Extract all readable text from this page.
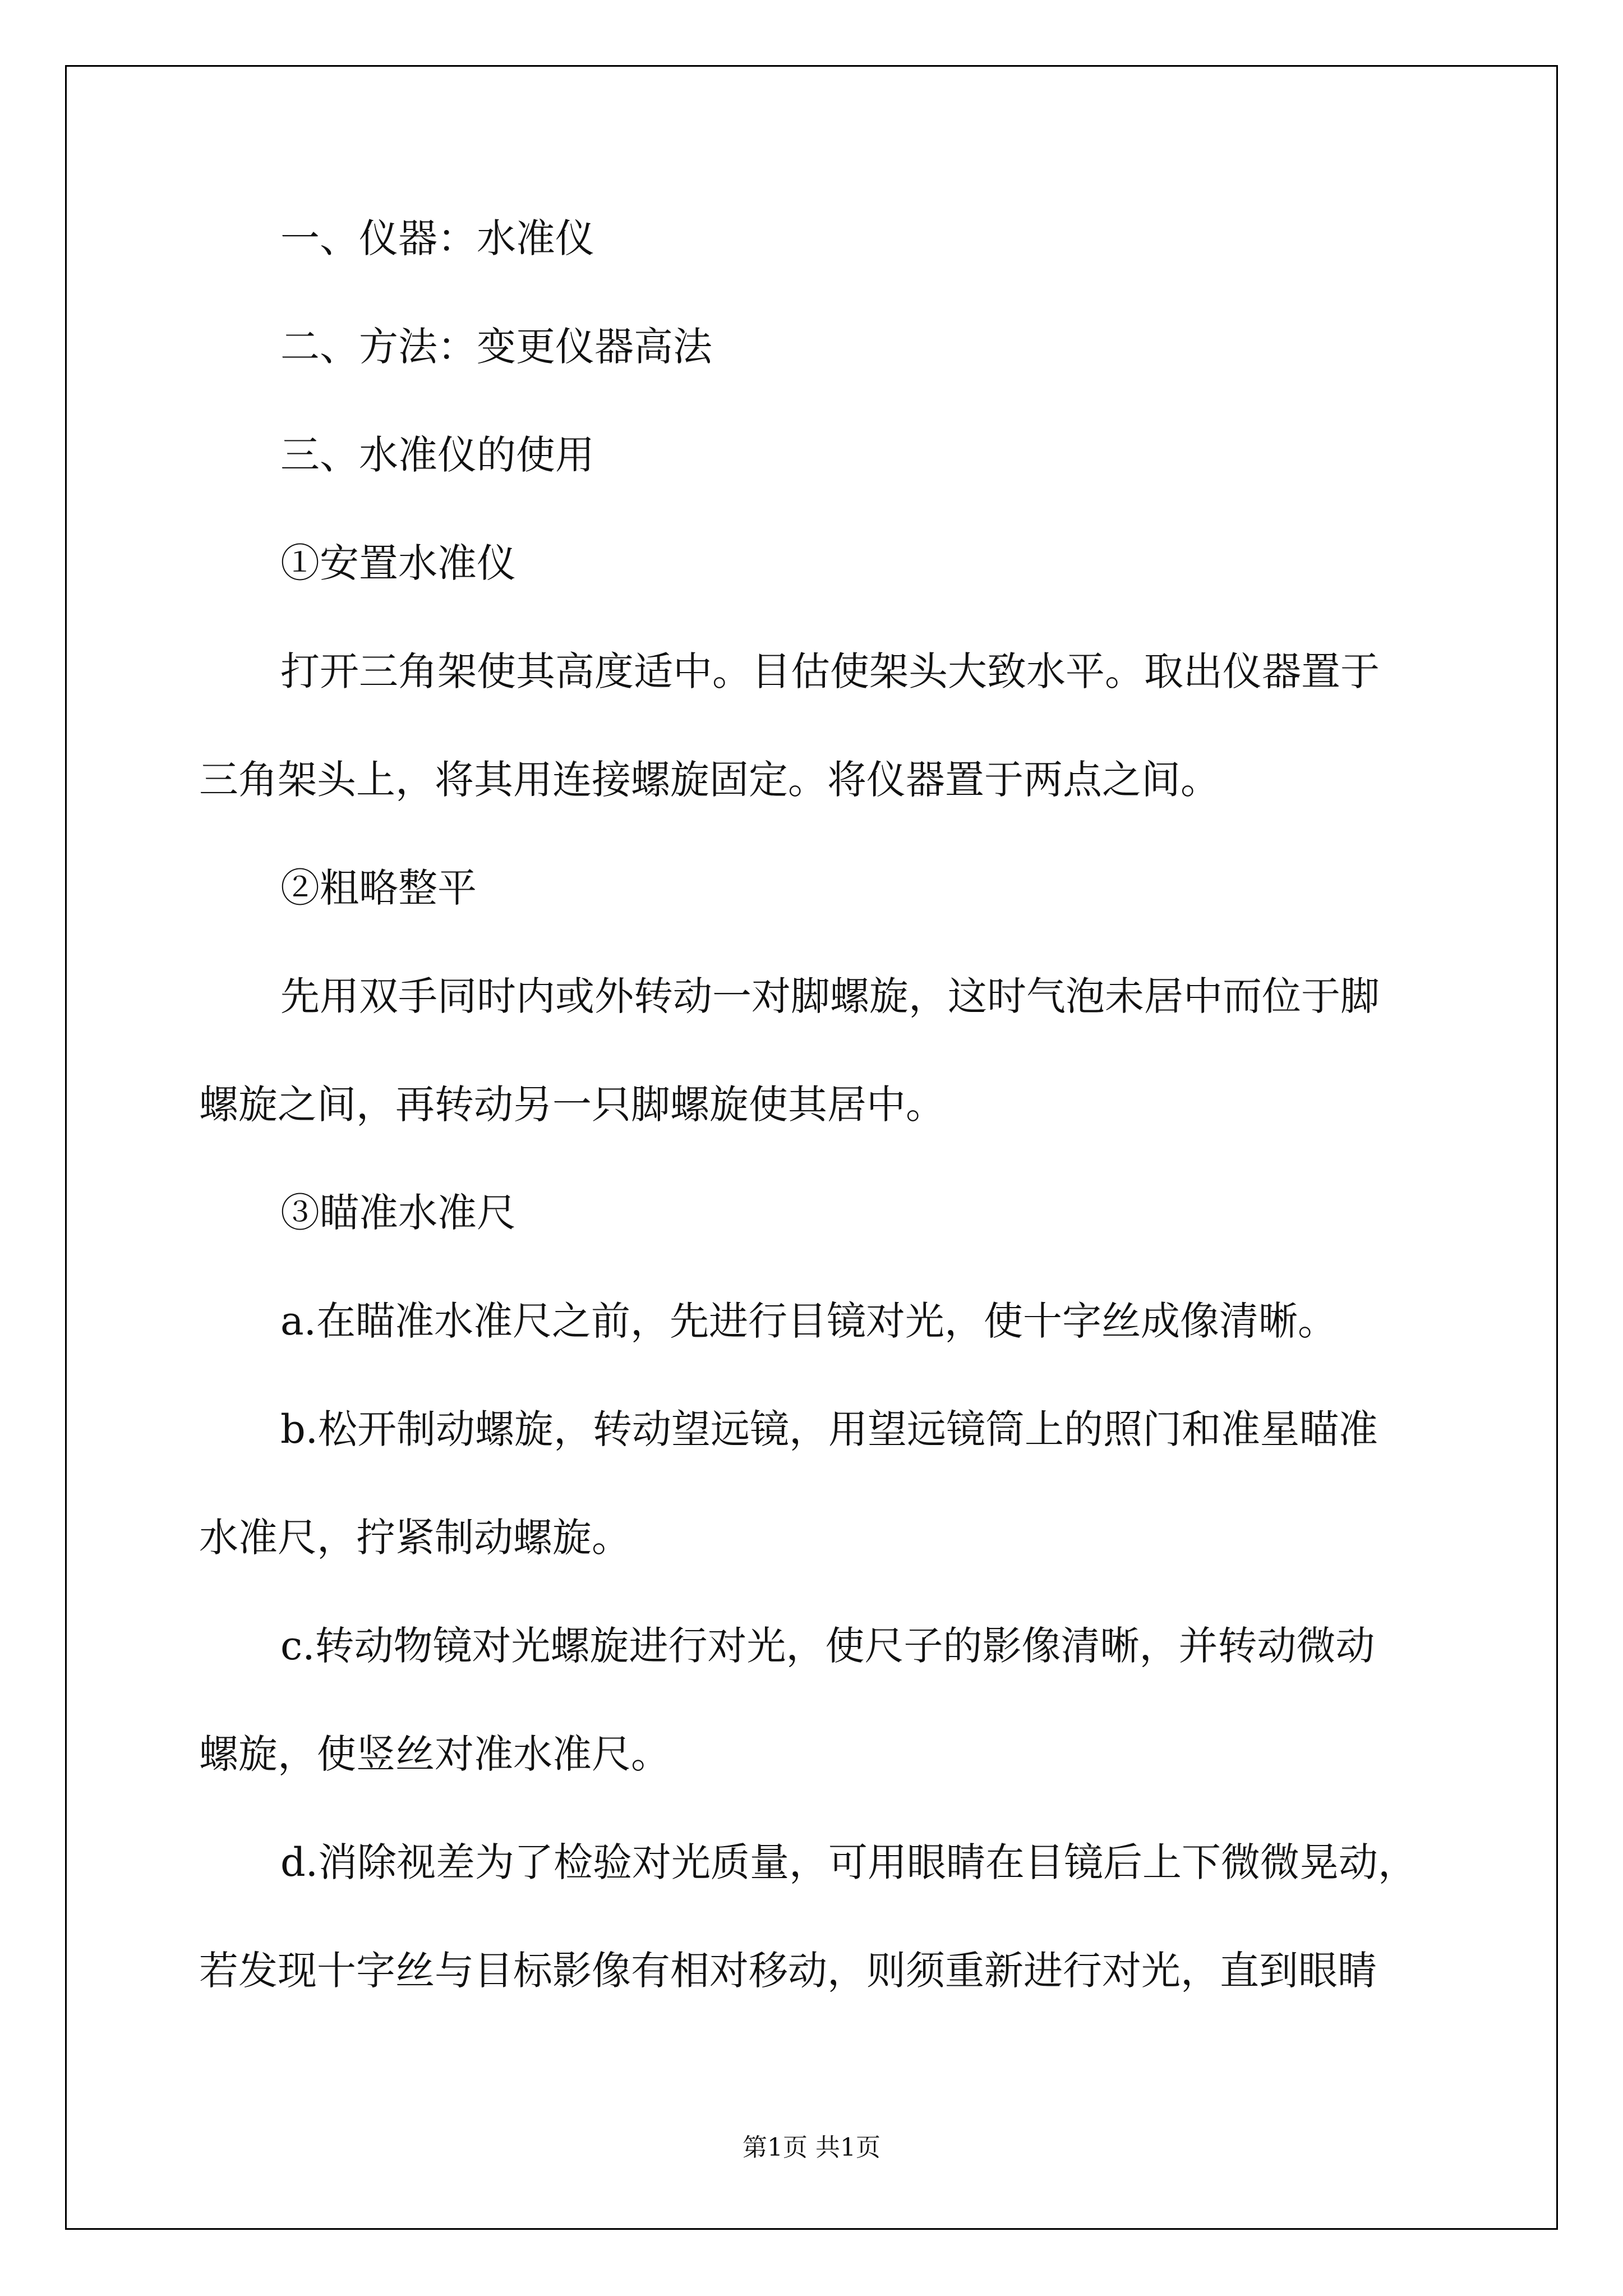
一、仪器：水准仪
二、方法：变更仪器高法
三、水准仪的使用
①安置水准仪
打开三角架使其高度适中。目估使架头大致水平。取出仪器置于
三角架头上，将其用连接螺旋固定。将仪器置于两点之间。
②粗略整平
先用双手同时内或外转动一对脚螺旋，这时气泡未居中而位于脚
螺旋之间，再转动另一只脚螺旋使其居中。
③瞄准水准尺
a.在瞄准水准尺之前，先进行目镜对光，使十字丝成像清晰。
b.松开制动螺旋，转动望远镜，用望远镜筒上的照门和准星瞄准
水准尺，拧紧制动螺旋。
c.转动物镜对光螺旋进行对光，使尺子的影像清晰，并转动微动
螺旋，使竖丝对准水准尺。
d.消除视差为了检验对光质量，可用眼睛在目镜后上下微微晃动，
若发现十字丝与目标影像有相对移动，则须重新进行对光，直到眼睛
第1页 共1页
